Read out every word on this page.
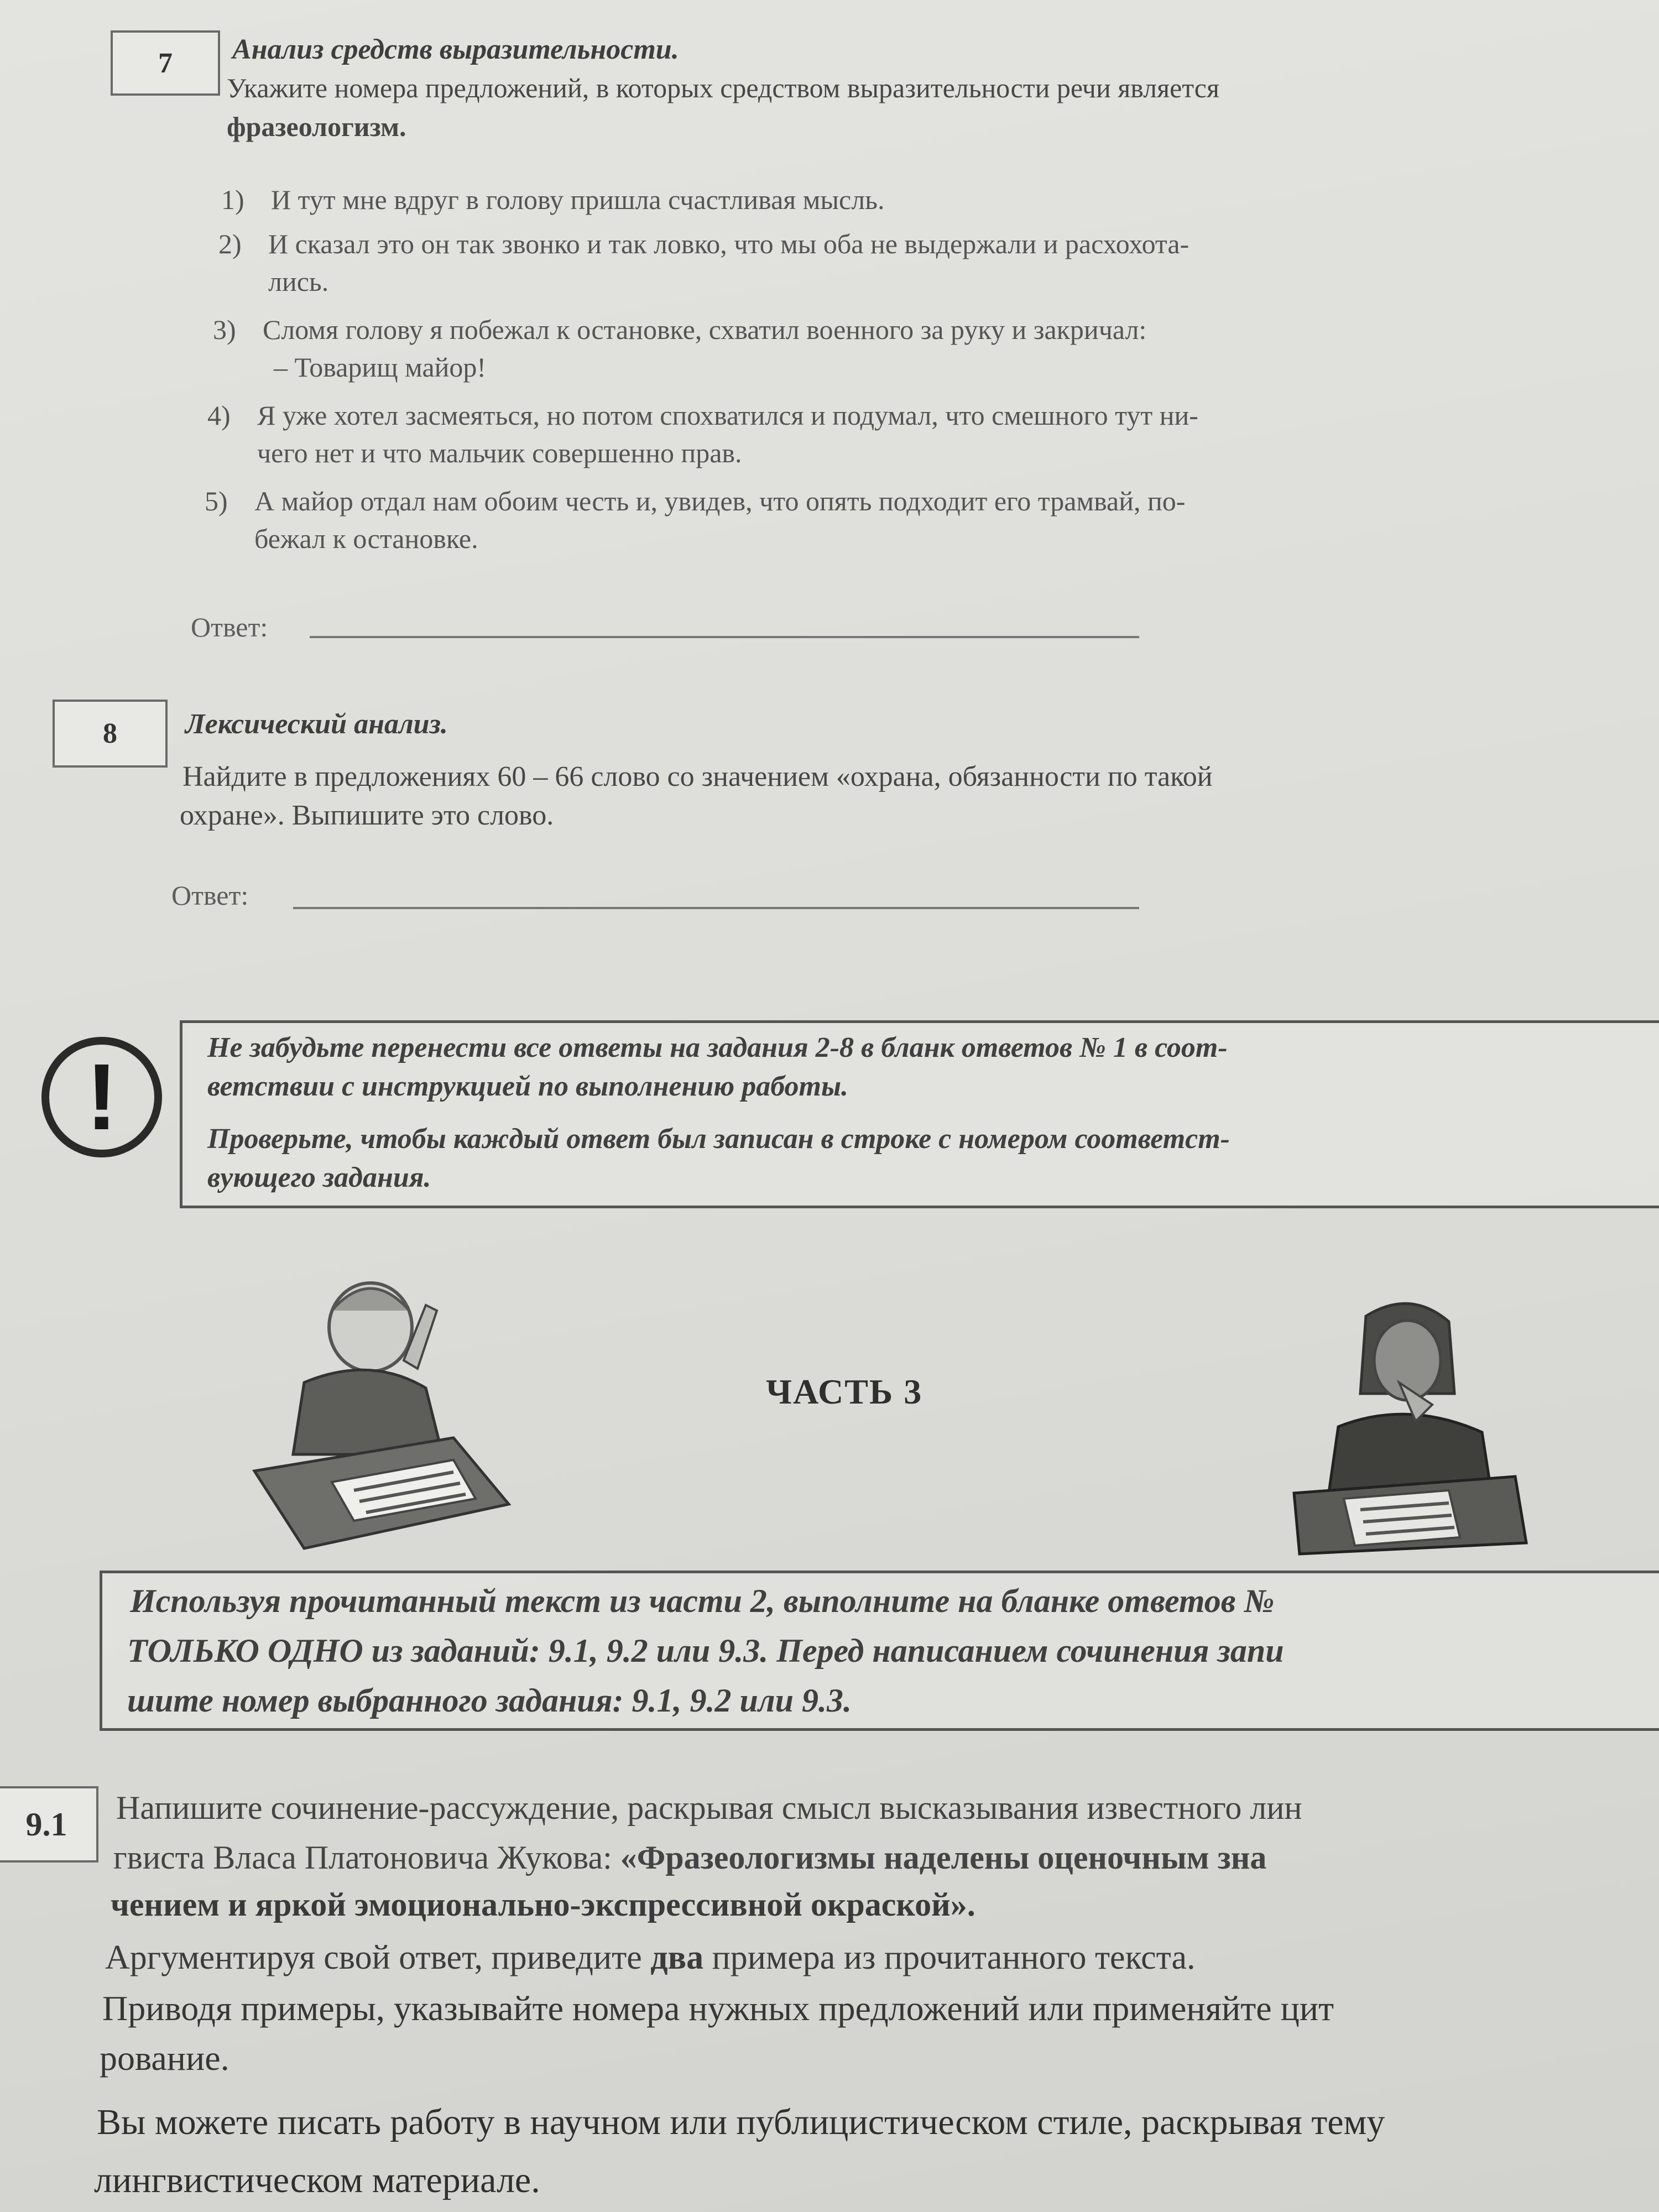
7 Анализ средств выразительности.
Укажите номера предложений, в которых средством выразительности речи является
фразеологизм.
1) И тут мне вдруг в голову пришла счастливая мысль.
2) И сказал это он так звонко и так ловко, что мы оба не выдержали и расхохота-
лись.
3) Сломя голову я побежал к остановке, схватил военного за руку и закричал:
– Товарищ майор!
4) Я уже хотел засмеяться, но потом спохватился и подумал, что смешного тут ни-
чего нет и что мальчик совершенно прав.
5) А майор отдал нам обоим честь и, увидев, что опять подходит его трамвай, по-
бежал к остановке.
Ответ:
8 Лексический анализ.
Найдите в предложениях 60 – 66 слово со значением «охрана, обязанности по такой
охране». Выпишите это слово.
Ответ:
!	Не забудьте перенести все ответы на задания 2-8 в бланк ответов № 1 в соот-
ветствии с инструкцией по выполнению работы.
Проверьте, чтобы каждый ответ был записан в строке с номером соответст-
вующего задания.
ЧАСТЬ 3
Используя прочитанный текст из части 2, выполните на бланке ответов №
ТОЛЬКО ОДНО из заданий: 9.1, 9.2 или 9.3. Перед написанием сочинения запи
шите номер выбранного задания: 9.1, 9.2 или 9.3.
9.1 Напишите сочинение-рассуждение, раскрывая смысл высказывания известного лин
гвиста Власа Платоновича Жукова: «Фразеологизмы наделены оценочным зна
чением и яркой эмоционально-экспрессивной окраской».
Аргументируя свой ответ, приведите два примера из прочитанного текста.
Приводя примеры, указывайте номера нужных предложений или применяйте цит
рование.
Вы можете писать работу в научном или публицистическом стиле, раскрывая тему
лингвистическом материале.
